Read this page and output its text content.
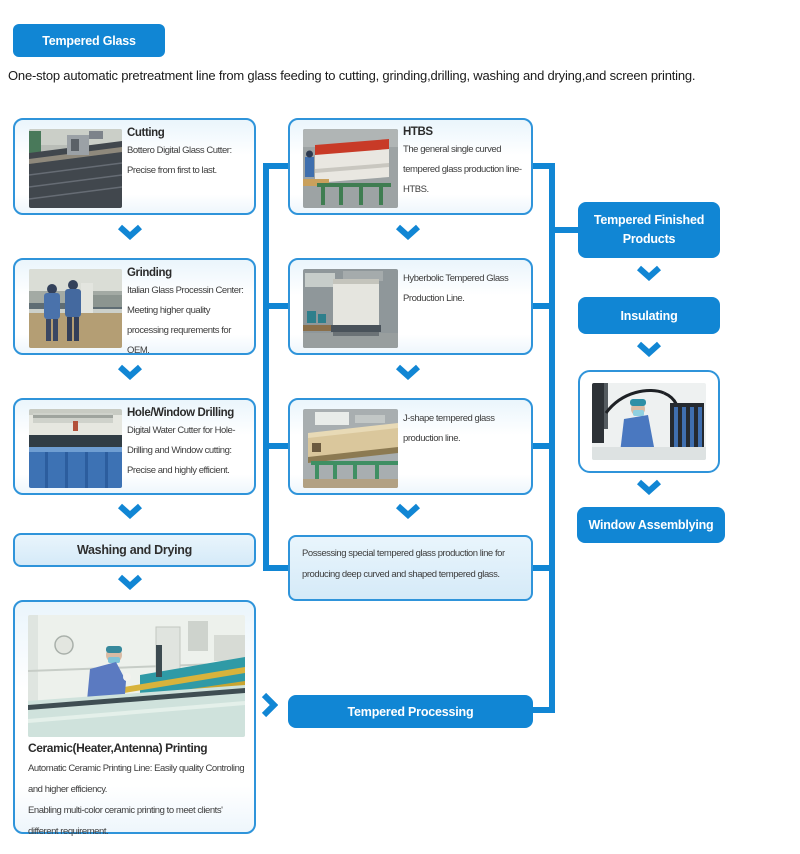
Tempered Glass
One-stop automatic pretreatment line from glass feeding to cutting, grinding,drilling, washing and drying,and screen printing.
Cutting
Bottero Digital Glass Cutter: Precise from first to last.
Grinding
Italian Glass Processin Center: Meeting higher quality processing requrements for OEM.
Hole/Window Drilling
Digital Water Cutter for Hole-Drilling and Window cutting: Precise and highly efficient.
Washing and Drying
Ceramic(Heater,Antenna) Printing
Automatic Ceramic Printing Line: Easily quality Controling and higher efficiency.
Enabling multi-color ceramic printing to meet clients' different requirement.
HTBS
The general single curved tempered glass production line-HTBS.
Hyberbolic Tempered Glass Production Line.
J-shape tempered glass production line.
Possessing special tempered glass production line for producing deep curved and shaped tempered glass.
Tempered Processing
Tempered Finished Products
Insulating
Window Assemblying
